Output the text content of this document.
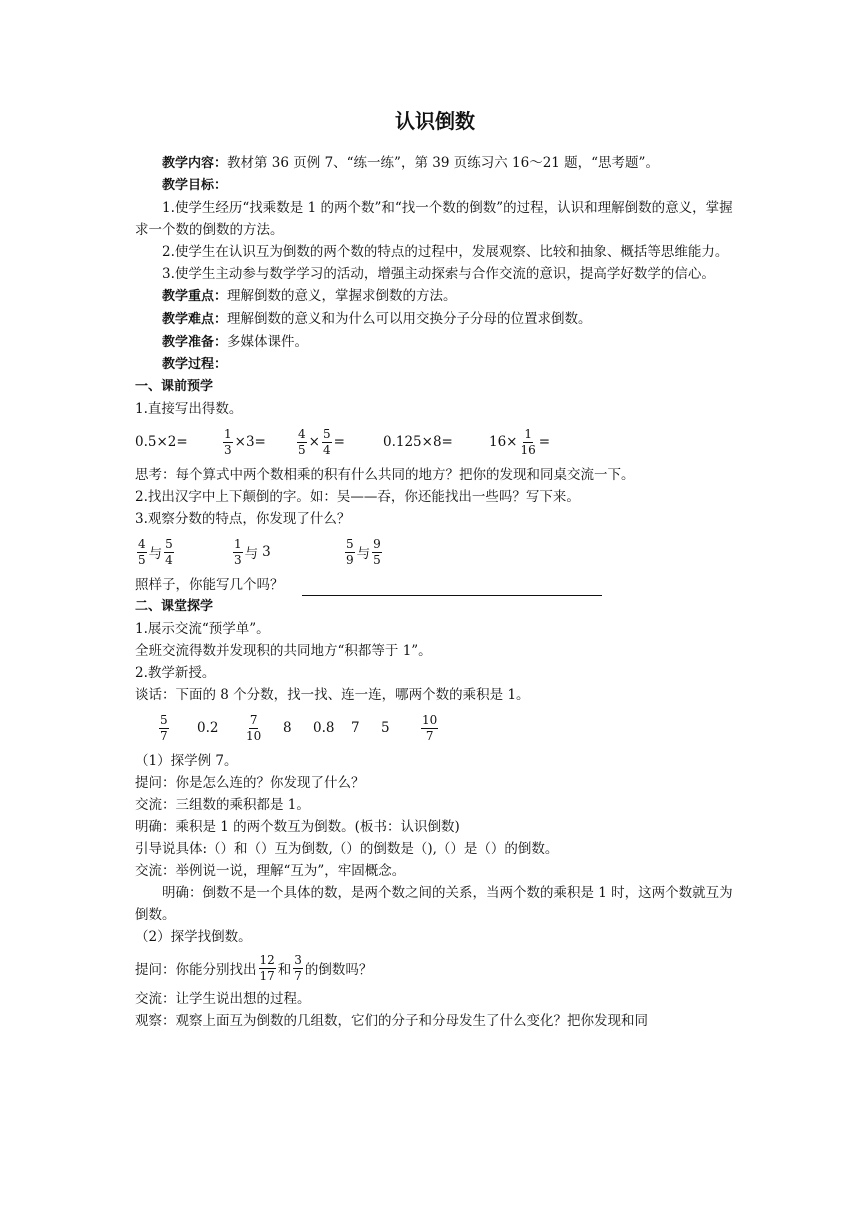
认识倒数

教学内容：教材第 36 页例 7、“练一练”，第 39 页练习六 16～21 题，“思考题”。

教学目标：

1.使学生经历“找乘数是 1 的两个数”和“找一个数的倒数”的过程，认识和理解倒数的意义，掌握求一个数的倒数的方法。

2.使学生在认识互为倒数的两个数的特点的过程中，发展观察、比较和抽象、概括等思维能力。

3.使学生主动参与数学学习的活动，增强主动探索与合作交流的意识，提高学好数学的信心。

教学重点：理解倒数的意义，掌握求倒数的方法。

教学难点：理解倒数的意义和为什么可以用交换分子分母的位置求倒数。

教学准备：多媒体课件。

教学过程：

一、课前预学

1.直接写出得数。

0.5×2=	$\frac{1}{3} \times 3=$	$\frac{4}{5} \times \frac{5}{4}$ =	0.125×8=	$16\times \frac{1}{16}$ =

思考：每个算式中两个数相乘的积有什么共同的地方？把你的发现和同桌交流一下。

2.找出汉字中上下颠倒的字。如：吴——吞，你还能找出一些吗？写下来。

3.观察分数的特点，你发现了什么？

$\frac{4}{5}$ 与 $\frac{5}{4}$	$\frac{1}{3}$ 与 3	$\frac{5}{9}$ 与 $\frac{9}{5}$

照样子，你能写几个吗？

二、课堂探学

1.展示交流“预学单”。

全班交流得数并发现积的共同地方“积都等于 1”。

2.教学新授。

谈话：下面的 8 个分数，找一找、连一连，哪两个数的乘积是 1。

$\frac{5}{7} 0.2$	$\frac{7}{10} 8$	0.8	7	5	$\frac{10}{7}$

（1）探学例 7。

提问：你是怎么连的？你发现了什么？

交流：三组数的乘积都是 1。

明确：乘积是 1 的两个数互为倒数。(板书：认识倒数)

引导说具体:（）和（）互为倒数,（）的倒数是（),（）是（）的倒数。

交流：举例说一说，理解“互为”，牢固概念。

明确：倒数不是一个具体的数，是两个数之间的关系，当两个数的乘积是 1 时，这两个数就互为倒数。

（2）探学找倒数。

提问：你能分别找出 $\frac{12}{17}$ 和 $\frac{3}{7}$ 的倒数吗？

交流：让学生说出想的过程。

观察：观察上面互为倒数的几组数，它们的分子和分母发生了什么变化？把你发现和同
